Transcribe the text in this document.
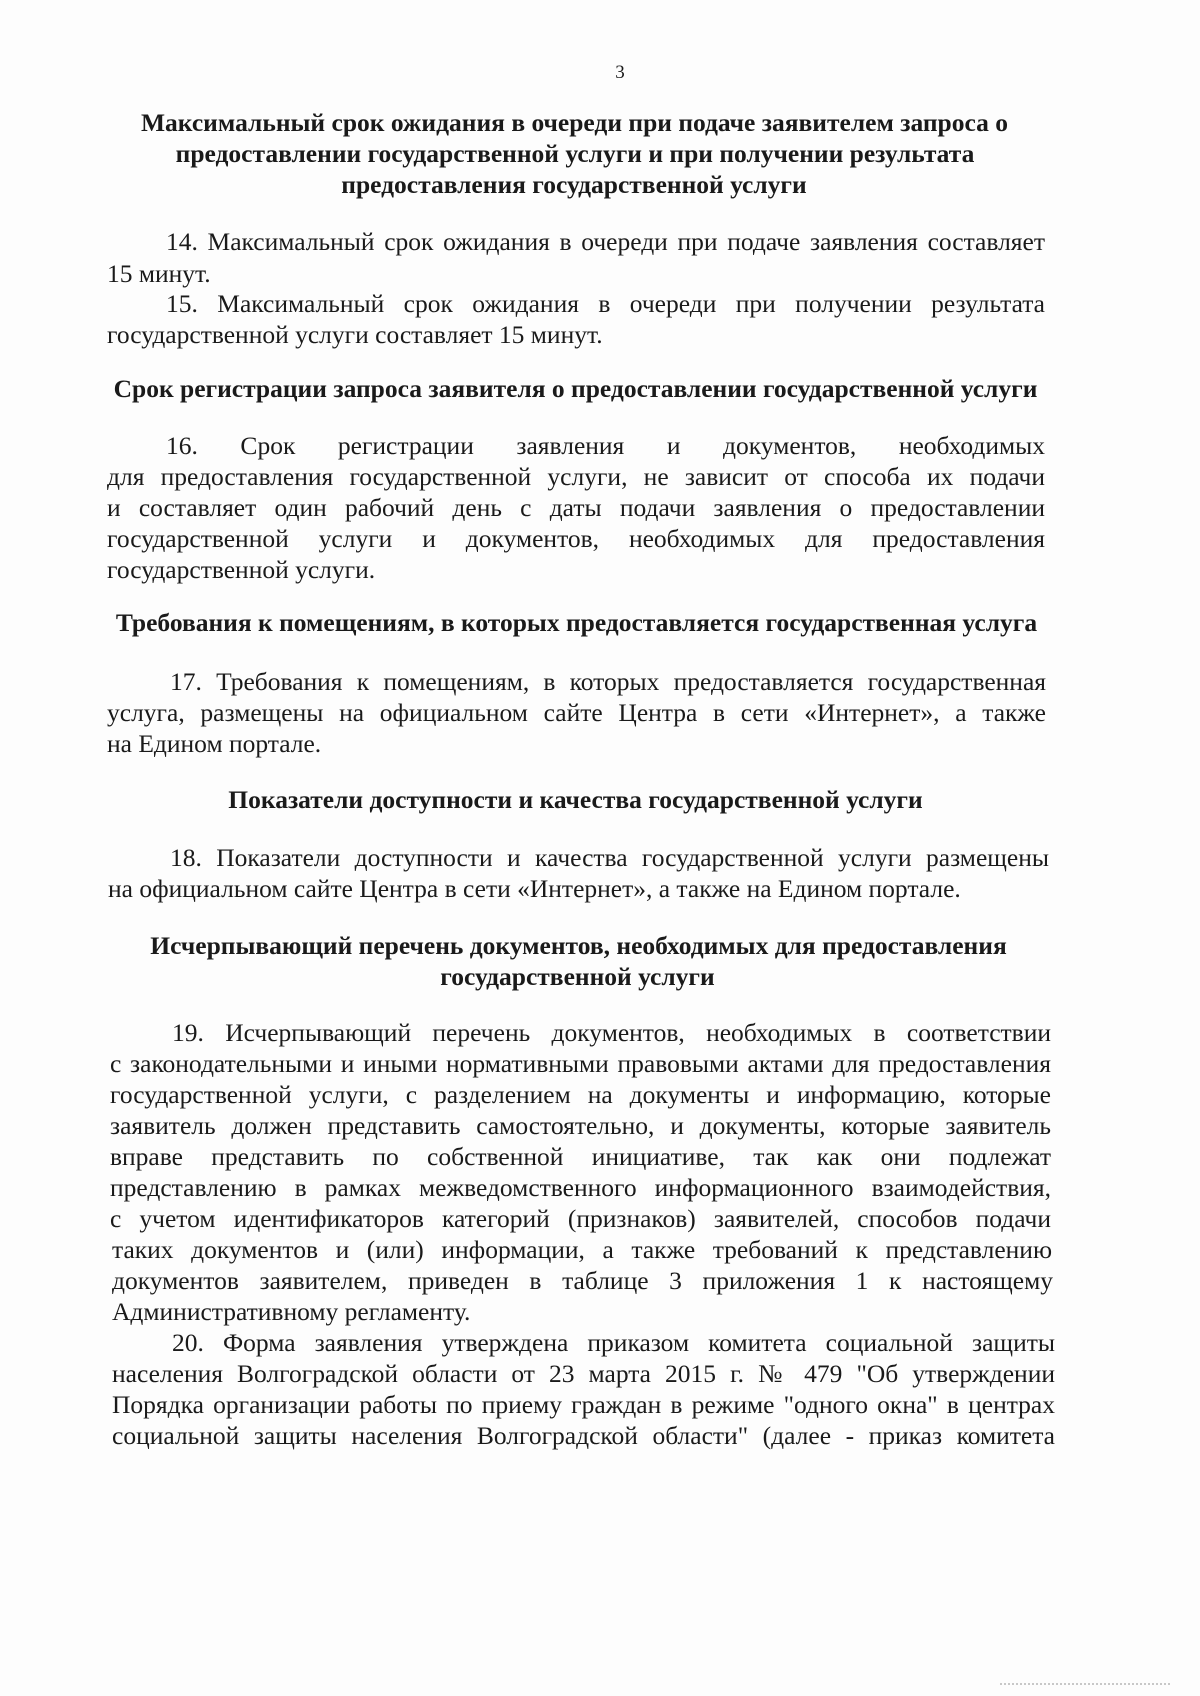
3
Максимальный срок ожидания в очереди при подаче заявителем запроса о
предоставлении государственной услуги и при получении результата
предоставления государственной услуги
14. Максимальный срок ожидания в очереди при подаче заявления составляет
15 минут.
15. Максимальный срок ожидания в очереди при получении результата
государственной услуги составляет 15 минут.
Срок регистрации запроса заявителя о предоставлении государственной услуги
16. Срок регистрации заявления и документов, необходимых
для предоставления государственной услуги, не зависит от способа их подачи
и составляет один рабочий день с даты подачи заявления о предоставлении
государственной услуги и документов, необходимых для предоставления
государственной услуги.
Требования к помещениям, в которых предоставляется государственная услуга
17. Требования к помещениям, в которых предоставляется государственная
услуга, размещены на официальном сайте Центра в сети «Интернет», а также
на Едином портале.
Показатели доступности и качества государственной услуги
18. Показатели доступности и качества государственной услуги размещены
на официальном сайте Центра в сети «Интернет», а также на Едином портале.
Исчерпывающий перечень документов, необходимых для предоставления
государственной услуги
19. Исчерпывающий перечень документов, необходимых в соответствии
с законодательными и иными нормативными правовыми актами для предоставления
государственной услуги, с разделением на документы и информацию, которые
заявитель должен представить самостоятельно, и документы, которые заявитель
вправе представить по собственной инициативе, так как они подлежат
представлению в рамках межведомственного информационного взаимодействия,
с учетом идентификаторов категорий (признаков) заявителей, способов подачи
таких документов и (или) информации, а также требований к представлению
документов заявителем, приведен в таблице 3 приложения 1 к настоящему
Административному регламенту.
20. Форма заявления утверждена приказом комитета социальной защиты
населения Волгоградской области от 23 марта 2015 г. № 479 "Об утверждении
Порядка организации работы по приему граждан в режиме "одного окна" в центрах
социальной защиты населения Волгоградской области" (далее - приказ комитета
